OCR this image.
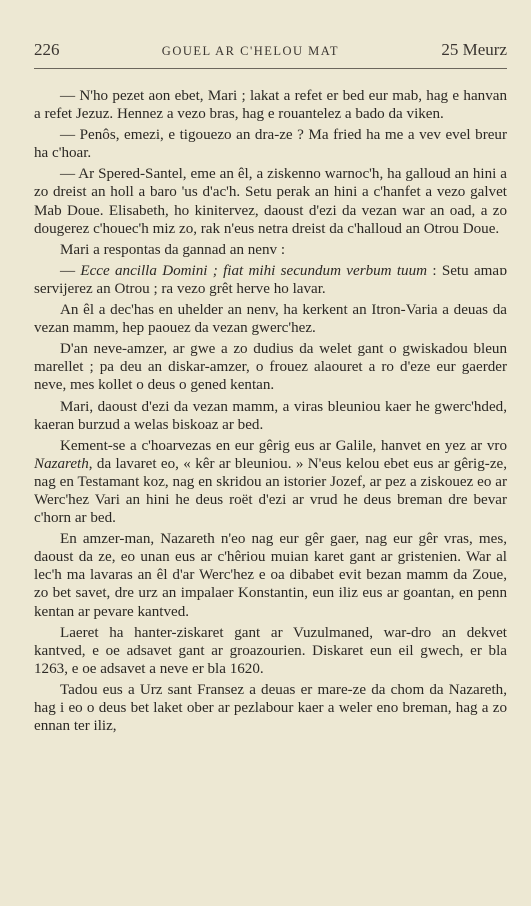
226	GOUEL AR C'HELOU MAT	25 Meurz

— N'ho pezet aon ebet, Mari ; lakat a refet er bed eur mab, hag e hanvan a refet Jezuz. Hennez a vezo bras, hag e rouantelez a bado da viken.

— Penôs, emezi, e tigouezo an dra-ze ? Ma fried ha me a vev evel breur ha c'hoar.

— Ar Spered-Santel, eme an êl, a ziskenno warnoc'h, ha galloud an hini a zo dreist an holl a baro 'us d'ac'h. Setu perak an hini a c'hanfet a vezo galvet Mab Doue. Elisabeth, ho kinitervez, daoust d'ezi da vezan war an oad, a zo dougerez c'houec'h miz zo, rak n'eus netra dreist da c'halloud an Otrou Doue.

Mari a respontas da gannad an nenv :

— Ecce ancilla Domini ; fiat mihi secundum verbum tuum : Setu amaɒ servijerez an Otrou ; ra vezo grêt herve ho lavar.

An êl a dec'has en uhelder an nenv, ha kerkent an Itron-Varia a deuas da vezan mamm, hep paouez da vezan gwerc'hez.

D'an neve-amzer, ar gwe a zo dudius da welet gant o gwiskadou bleun marellet ; pa deu an diskar-amzer, o frouez alaouret a ro d'eze eur gaerder neve, mes kollet o deus o gened kentan.

Mari, daoust d'ezi da vezan mamm, a viras bleuniou kaer he gwerc'hded, kaeran burzud a welas biskoaz ar bed.

Kement-se a c'hoarvezas en eur gêrig eus ar Galile, hanvet en yez ar vro Nazareth, da lavaret eo, « kêr ar bleuniou. » N'eus kelou ebet eus ar gêrig-ze, nag en Testamant koz, nag en skridou an istorier Jozef, ar pez a ziskouez eo ar Werc'hez Vari an hini he deus roët d'ezi ar vrud he deus breman dre bevar c'horn ar bed.

En amzer-man, Nazareth n'eo nag eur gêr gaer, nag eur gêr vras, mes, daoust da ze, eo unan eus ar c'hêriou muian karet gant ar gristenien. War al lec'h ma lavaras an êl d'ar Werc'hez e oa dibabet evit bezan mamm da Zoue, zo bet savet, dre urz an impalaer Konstantin, eun iliz eus ar goantan, en penn kentan ar pevare kantved.

Laeret ha hanter-ziskaret gant ar Vuzulmaned, war-dro an dekvet kantved, e oe adsavet gant ar groazourien. Diskaret eun eil gwech, er bla 1263, e oe adsavet a neve er bla 1620.

Tadou eus a Urz sant Fransez a deuas er mare-ze da chom da Nazareth, hag i eo o deus bet laket ober ar pezlabour kaer a weler eno breman, hag a zo ennan ter iliz,
